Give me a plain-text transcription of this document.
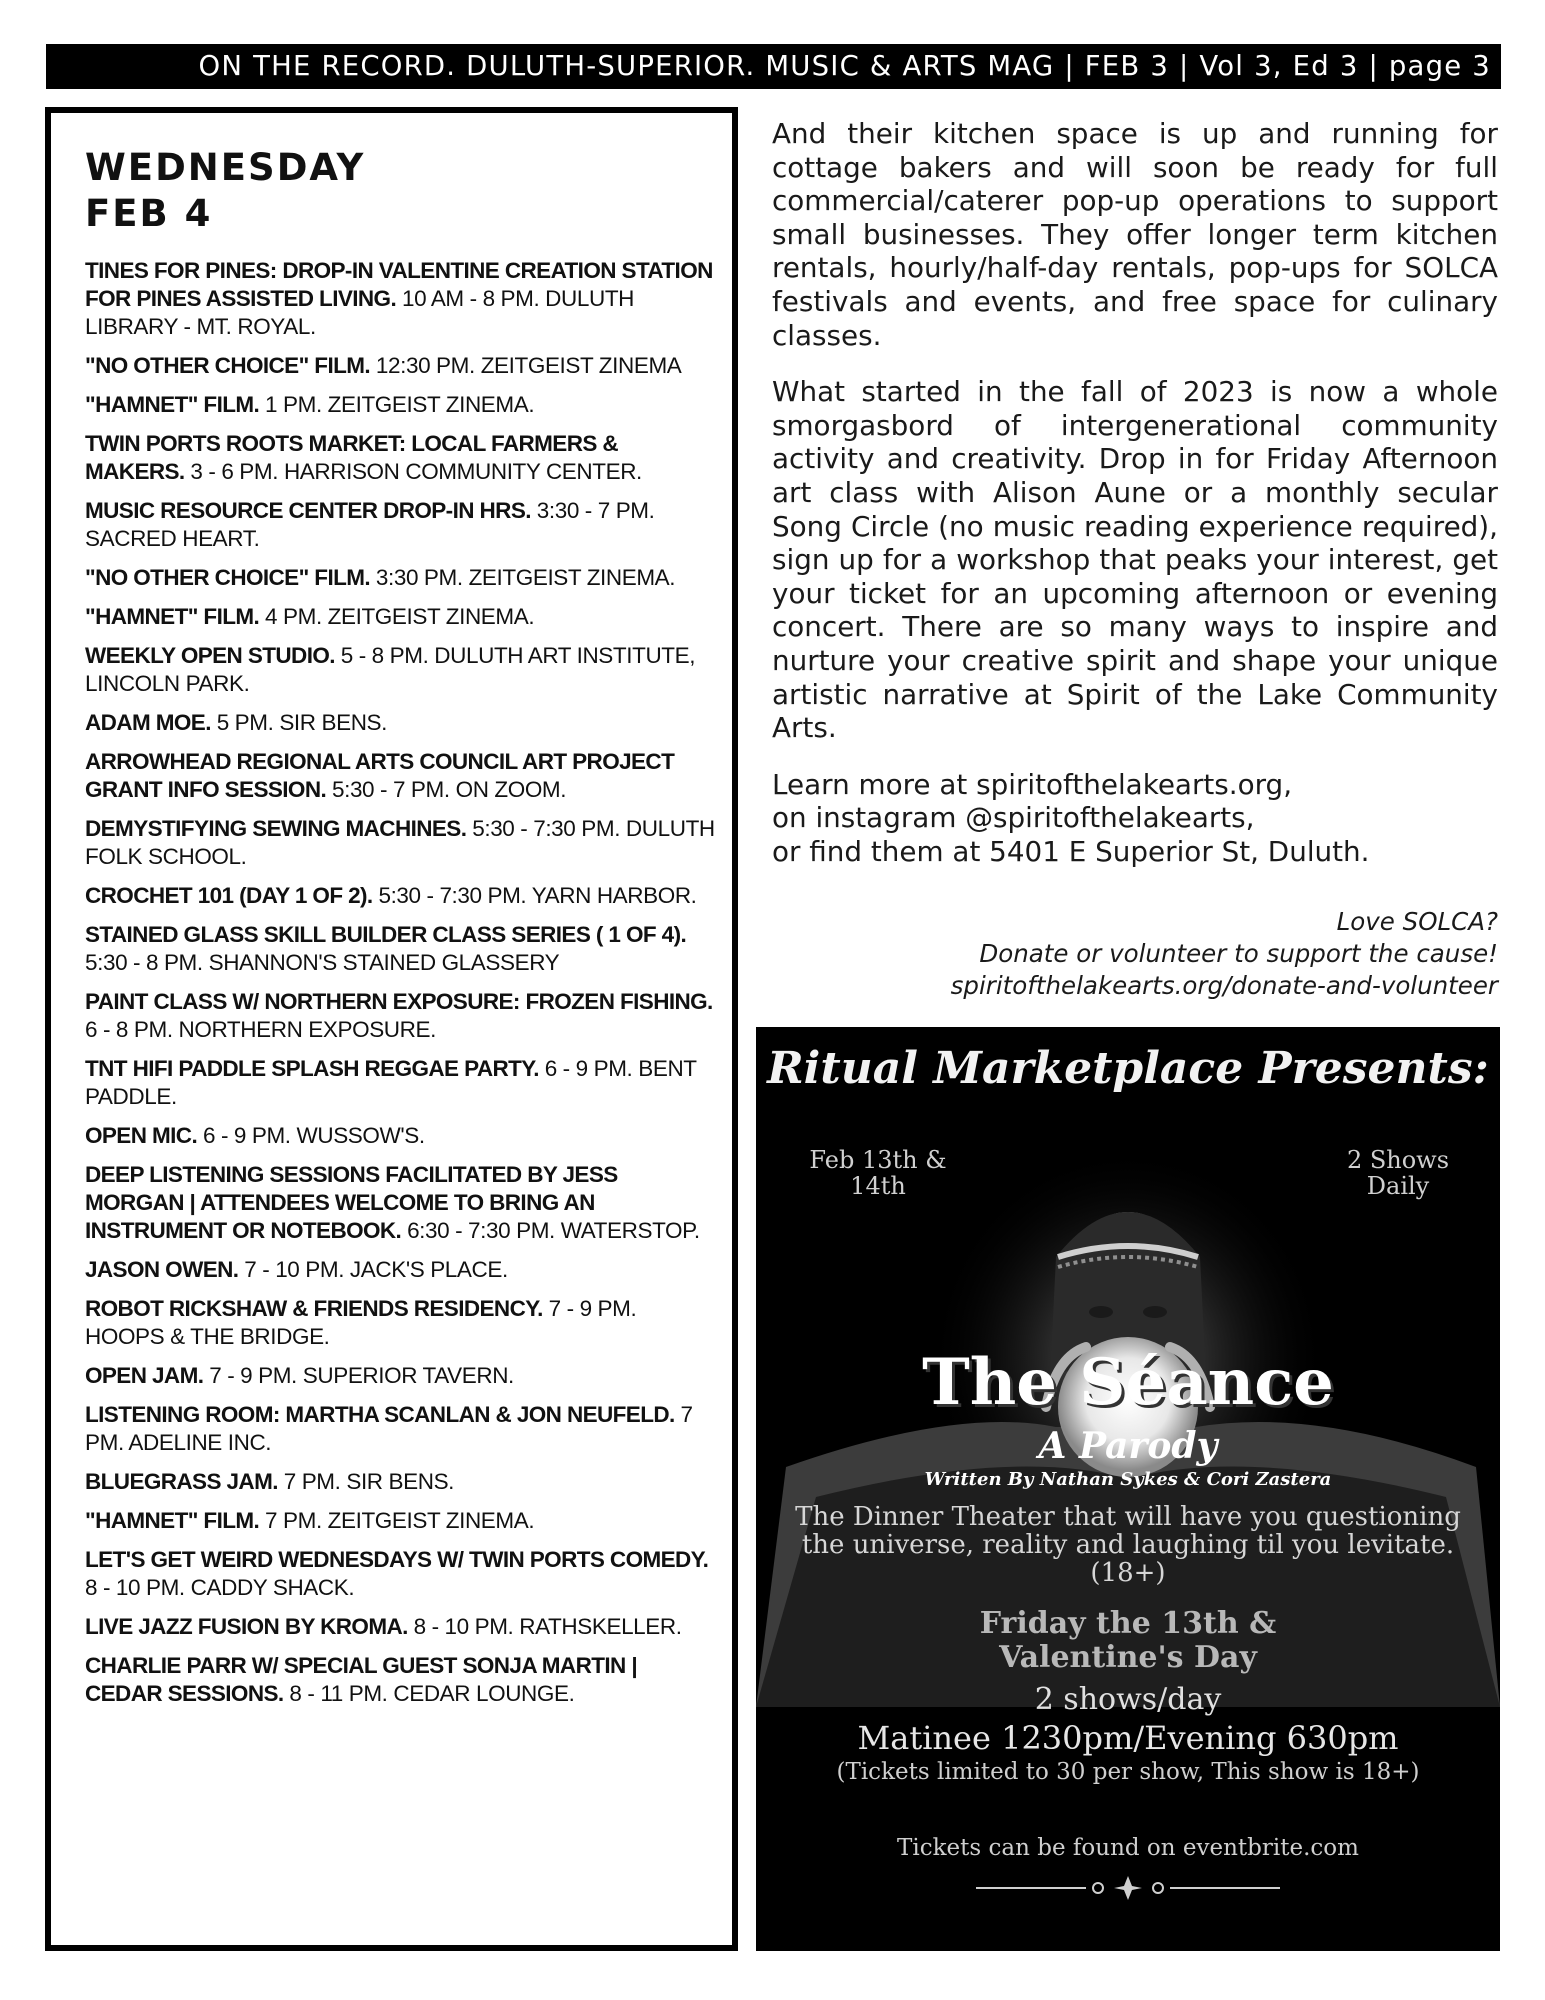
ON THE RECORD. DULUTH-SUPERIOR. MUSIC & ARTS MAG | FEB 3 | Vol 3, Ed 3 | page 3
WEDNESDAY
FEB 4
TINES FOR PINES: DROP-IN VALENTINE CREATION STATION FOR PINES ASSISTED LIVING. 10 AM - 8 PM. DULUTH LIBRARY - MT. ROYAL.
"NO OTHER CHOICE" FILM. 12:30 PM. ZEITGEIST ZINEMA
"HAMNET" FILM. 1 PM. ZEITGEIST ZINEMA.
TWIN PORTS ROOTS MARKET: LOCAL FARMERS & MAKERS. 3 - 6 PM. HARRISON COMMUNITY CENTER.
MUSIC RESOURCE CENTER DROP-IN HRS. 3:30 - 7 PM. SACRED HEART.
"NO OTHER CHOICE" FILM. 3:30 PM. ZEITGEIST ZINEMA.
"HAMNET" FILM. 4 PM. ZEITGEIST ZINEMA.
WEEKLY OPEN STUDIO. 5 - 8 PM. DULUTH ART INSTITUTE, LINCOLN PARK.
ADAM MOE. 5 PM. SIR BENS.
ARROWHEAD REGIONAL ARTS COUNCIL ART PROJECT GRANT INFO SESSION. 5:30 - 7 PM. ON ZOOM.
DEMYSTIFYING SEWING MACHINES. 5:30 - 7:30 PM. DULUTH FOLK SCHOOL.
CROCHET 101 (DAY 1 OF 2). 5:30 - 7:30 PM. YARN HARBOR.
STAINED GLASS SKILL BUILDER CLASS SERIES ( 1 OF 4). 5:30 - 8 PM. SHANNON'S STAINED GLASSERY
PAINT CLASS W/ NORTHERN EXPOSURE: FROZEN FISHING. 6 - 8 PM. NORTHERN EXPOSURE.
TNT HIFI PADDLE SPLASH REGGAE PARTY. 6 - 9 PM. BENT PADDLE.
OPEN MIC. 6 - 9 PM. WUSSOW'S.
DEEP LISTENING SESSIONS FACILITATED BY JESS MORGAN | ATTENDEES WELCOME TO BRING AN INSTRUMENT OR NOTEBOOK. 6:30 - 7:30 PM. WATERSTOP.
JASON OWEN. 7 - 10 PM. JACK'S PLACE.
ROBOT RICKSHAW & FRIENDS RESIDENCY. 7 - 9 PM. HOOPS & THE BRIDGE.
OPEN JAM. 7 - 9 PM. SUPERIOR TAVERN.
LISTENING ROOM: MARTHA SCANLAN & JON NEUFELD. 7 PM. ADELINE INC.
BLUEGRASS JAM. 7 PM. SIR BENS.
"HAMNET" FILM. 7 PM. ZEITGEIST ZINEMA.
LET'S GET WEIRD WEDNESDAYS W/ TWIN PORTS COMEDY. 8 - 10 PM. CADDY SHACK.
LIVE JAZZ FUSION BY KROMA. 8 - 10 PM. RATHSKELLER.
CHARLIE PARR W/ SPECIAL GUEST SONJA MARTIN | CEDAR SESSIONS. 8 - 11 PM. CEDAR LOUNGE.

And their kitchen space is up and running for cottage bakers and will soon be ready for full commercial/caterer pop-up operations to support small businesses. They offer longer term kitchen rentals, hourly/half-day rentals, pop-ups for SOLCA festivals and events, and free space for culinary classes.

What started in the fall of 2023 is now a whole smorgasbord of intergenerational community activity and creativity. Drop in for Friday Afternoon art class with Alison Aune or a monthly secular Song Circle (no music reading experience required), sign up for a workshop that peaks your interest, get your ticket for an upcoming afternoon or evening concert. There are so many ways to inspire and nurture your creative spirit and shape your unique artistic narrative at Spirit of the Lake Community Arts.

Learn more at spiritofthelakearts.org,
on instagram @spiritofthelakearts,
or find them at 5401 E Superior St, Duluth.

Love SOLCA?
Donate or volunteer to support the cause!
spiritofthelakearts.org/donate-and-volunteer
Ritual Marketplace Presents:
Feb 13th &
14th
2 Shows
Daily
The Séance
A Parody
Written By Nathan Sykes & Cori Zastera
The Dinner Theater that will have you questioning the universe, reality and laughing til you levitate. (18+)
Friday the 13th &
Valentine's Day
2 shows/day
Matinee 1230pm/Evening 630pm
(Tickets limited to 30 per show, This show is 18+)
Tickets can be found on eventbrite.com
